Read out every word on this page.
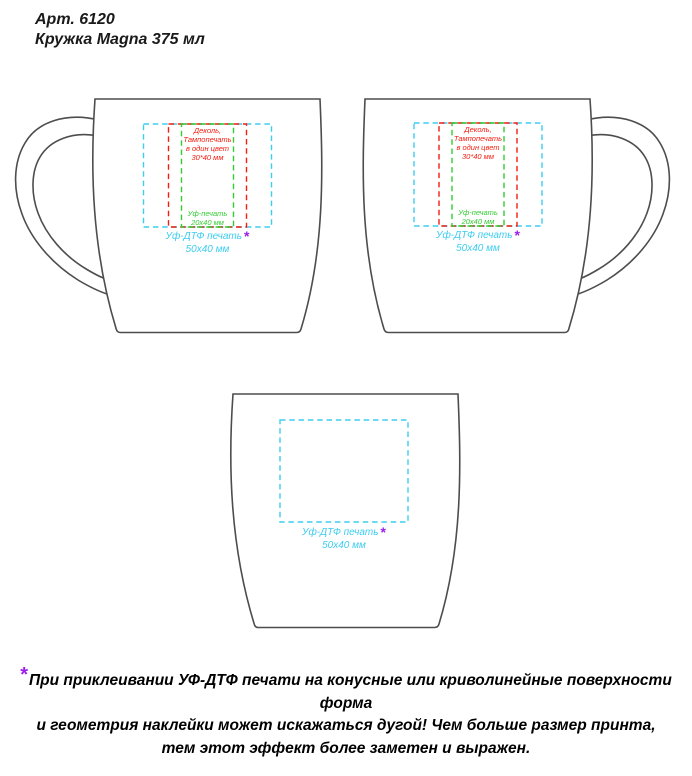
Арт. 6120
Кружка Magna 375 мл
Деколь,
Тампопечать
в один цвет
30*40 мм
Уф-печать
20х40 мм
Уф-ДТФ печать *
50х40 мм
Деколь,
Тампопечать
в один цвет
30*40 мм
Уф-печать
20х40 мм
Уф-ДТФ печать *
50х40 мм
Уф-ДТФ печать *
50х40 мм
*При приклеивании УФ-ДТФ печати на конусные или криволинейные поверхности форма
и геометрия наклейки может искажаться дугой! Чем больше размер принта,
тем этот эффект более заметен и выражен.
